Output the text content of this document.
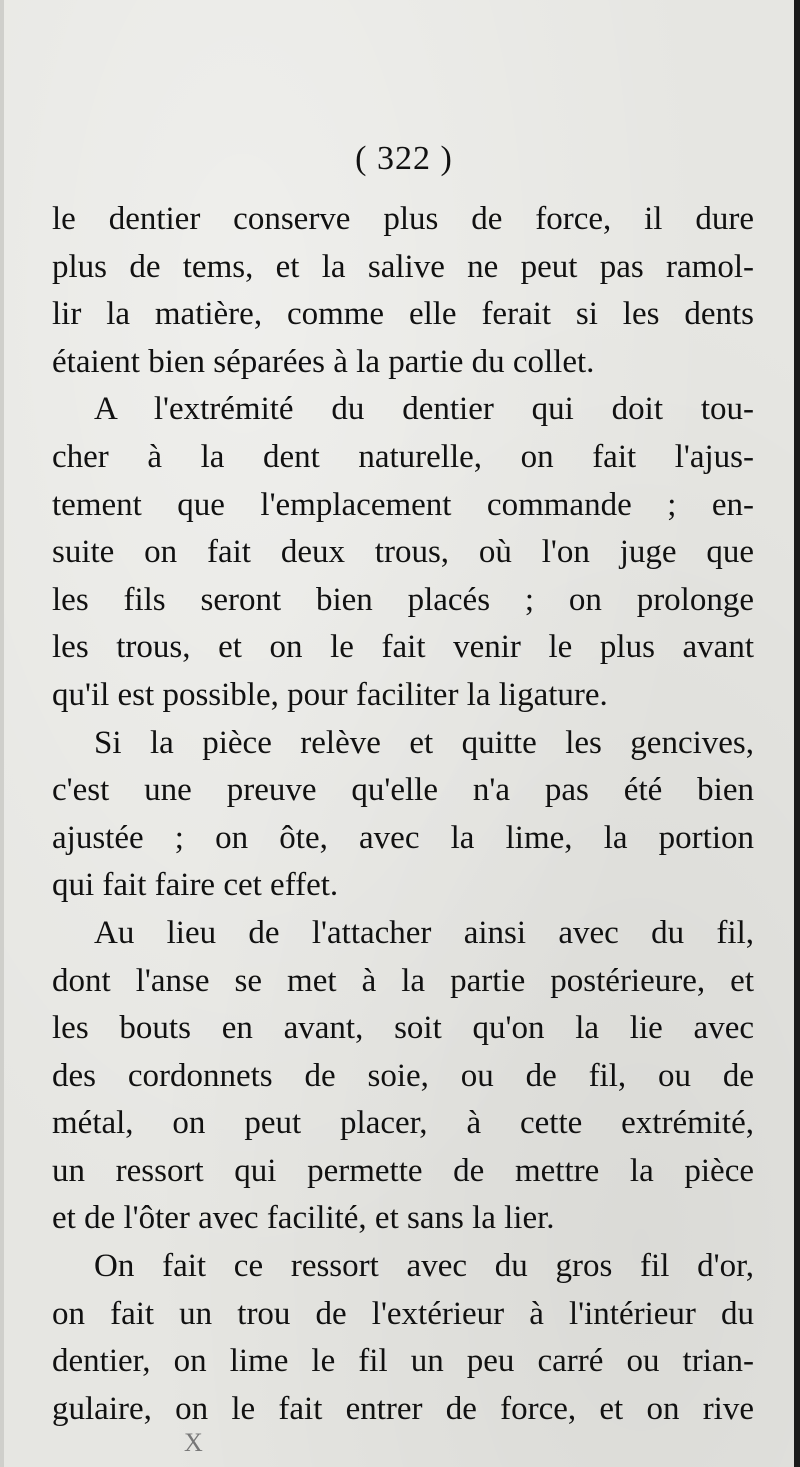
( 322 )
le dentier conserve plus de force, il dure
plus de tems, et la salive ne peut pas ramol-
lir la matière, comme elle ferait si les dents
étaient bien séparées à la partie du collet.
A l'extrémité du dentier qui doit tou-
cher à la dent naturelle, on fait l'ajus-
tement que l'emplacement commande ; en-
suite on fait deux trous, où l'on juge que
les fils seront bien placés ; on prolonge
les trous, et on le fait venir le plus avant
qu'il est possible, pour faciliter la ligature.
Si la pièce relève et quitte les gencives,
c'est une preuve qu'elle n'a pas été bien
ajustée ; on ôte, avec la lime, la portion
qui fait faire cet effet.
Au lieu de l'attacher ainsi avec du fil,
dont l'anse se met à la partie postérieure, et
les bouts en avant, soit qu'on la lie avec
des cordonnets de soie, ou de fil, ou de
métal, on peut placer, à cette extrémité,
un ressort qui permette de mettre la pièce
et de l'ôter avec facilité, et sans la lier.
On fait ce ressort avec du gros fil d'or,
on fait un trou de l'extérieur à l'intérieur du
dentier, on lime le fil un peu carré ou trian-
gulaire, on le fait entrer de force, et on rive
X
